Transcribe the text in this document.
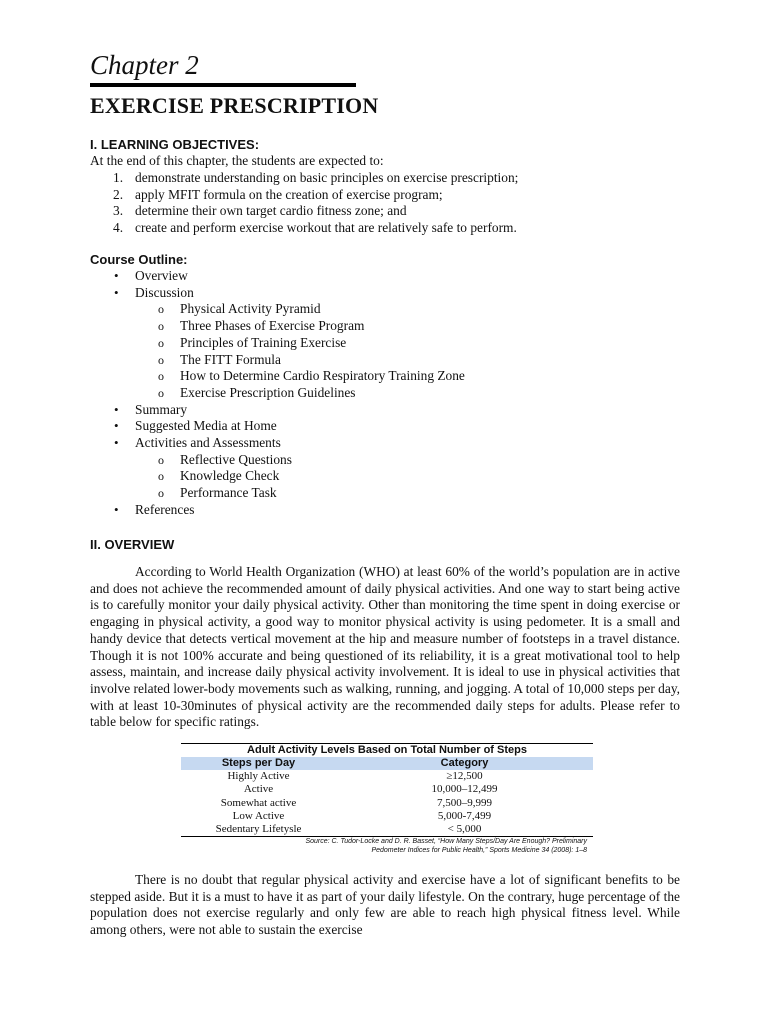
Chapter 2
EXERCISE PRESCRIPTION
I. LEARNING OBJECTIVES:
At the end of this chapter, the students are expected to:
1. demonstrate understanding on basic principles on exercise prescription;
2. apply MFIT formula on the creation of exercise program;
3. determine their own target cardio fitness zone; and
4. create and perform exercise workout that are relatively safe to perform.
Course Outline:
• Overview
• Discussion
o Physical Activity Pyramid
o Three Phases of Exercise Program
o Principles of Training Exercise
o The FITT Formula
o How to Determine Cardio Respiratory Training Zone
o Exercise Prescription Guidelines
• Summary
• Suggested Media at Home
• Activities and Assessments
o Reflective Questions
o Knowledge Check
o Performance Task
• References
II. OVERVIEW

According to World Health Organization (WHO) at least 60% of the world’s population are in active and does not achieve the recommended amount of daily physical activities. And one way to start being active is to carefully monitor your daily physical activity. Other than monitoring the time spent in doing exercise or engaging in physical activity, a good way to monitor physical activity is using pedometer. It is a small and handy device that detects vertical movement at the hip and measure number of footsteps in a travel distance. Though it is not 100% accurate and being questioned of its reliability, it is a great motivational tool to help assess, maintain, and increase daily physical activity involvement. It is ideal to use in physical activities that involve related lower-body movements such as walking, running, and jogging. A total of 10,000 steps per day, with at least 10-30minutes of physical activity are the recommended daily steps for adults. Please refer to table below for specific ratings.

Adult Activity Levels Based on Total Number of Steps
Steps per Day	Category
Highly Active	≥12,500
Active	10,000–12,499
Somewhat active	7,500–9,999
Low Active	5,000-7,499
Sedentary Lifetysle	< 5,000
Source: C. Tudor-Locke and D. R. Basset, “How Many Steps/Day Are Enough? Preliminary
Pedometer Indices for Public Health,” Sports Medicine 34 (2008): 1–8

There is no doubt that regular physical activity and exercise have a lot of significant benefits to be stepped aside. But it is a must to have it as part of your daily lifestyle. On the contrary, huge percentage of the population does not exercise regularly and only few are able to reach high physical fitness level. While among others, were not able to sustain the exercise
